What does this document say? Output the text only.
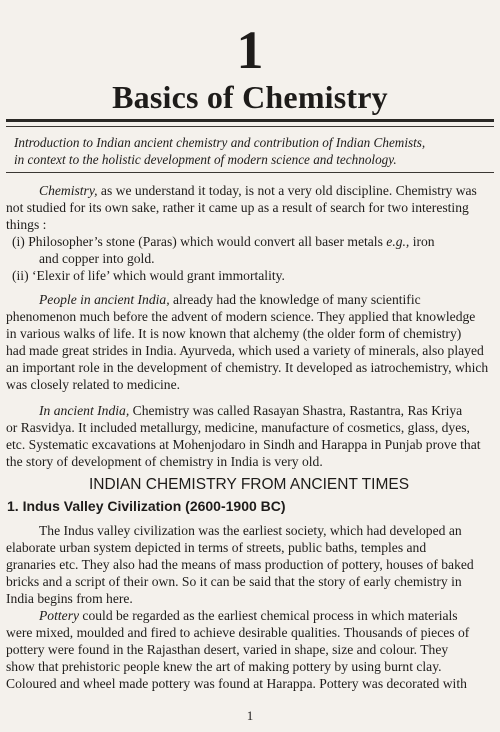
1
Basics of Chemistry
Introduction to Indian ancient chemistry and contribution of Indian Chemists,
in context to the holistic development of modern science and technology.
Chemistry, as we understand it today, is not a very old discipline. Chemistry was
not studied for its own sake, rather it came up as a result of search for two interesting
things :
(i) Philosopher’s stone (Paras) which would convert all baser metals e.g., iron
and copper into gold.
(ii) ‘Elexir of life’ which would grant immortality.
People in ancient India, already had the knowledge of many scientific
phenomenon much before the advent of modern science. They applied that knowledge
in various walks of life. It is now known that alchemy (the older form of chemistry)
had made great strides in India. Ayurveda, which used a variety of minerals, also played
an important role in the development of chemistry. It developed as iatrochemistry, which
was closely related to medicine.
In ancient India, Chemistry was called Rasayan Shastra, Rastantra, Ras Kriya
or Rasvidya. It included metallurgy, medicine, manufacture of cosmetics, glass, dyes,
etc. Systematic excavations at Mohenjodaro in Sindh and Harappa in Punjab prove that
the story of development of chemistry in India is very old.
INDIAN CHEMISTRY FROM ANCIENT TIMES
1. Indus Valley Civilization (2600-1900 BC)
The Indus valley civilization was the earliest society, which had developed an
elaborate urban system depicted in terms of streets, public baths, temples and
granaries etc. They also had the means of mass production of pottery, houses of baked
bricks and a script of their own. So it can be said that the story of early chemistry in
India begins from here.
Pottery could be regarded as the earliest chemical process in which materials
were mixed, moulded and fired to achieve desirable qualities. Thousands of pieces of
pottery were found in the Rajasthan desert, varied in shape, size and colour. They
show that prehistoric people knew the art of making pottery by using burnt clay.
Coloured and wheel made pottery was found at Harappa. Pottery was decorated with
1
